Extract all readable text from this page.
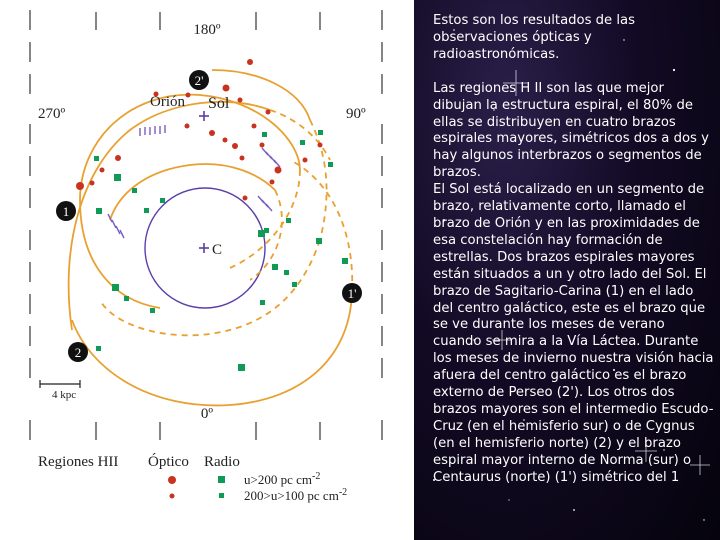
180º
270º	90º
0º
Orión Sol
C
2'
1
1'
2
4 kpc
Regiones HII Óptico Radio
u>200 pc $cm^{-2}$
200>u>100 pc $cm^{-2}$

Estos son los resultados de las observaciones ópticas y radioastronómicas.

Las regiones H II son las que mejor dibujan la estructura espiral, el 80% de ellas se distribuyen en cuatro brazos espirales mayores, simétricos dos a dos y hay algunos interbrazos o segmentos de brazos.

El Sol está localizado en un segmento de brazo, relativamente corto, llamado el brazo de Orión y en las proximidades de esa constelación hay formación de estrellas. Dos brazos espirales mayores están situados a un y otro lado del Sol. El brazo de Sagitario-Carina (1) en el lado del centro galáctico, este es el brazo que se ve durante los meses de verano cuando se mira a la Vía Láctea. Durante los meses de invierno nuestra visión hacia afuera del centro galáctico es el brazo externo de Perseo (2'). Los otros dos brazos mayores son el intermedio Escudo-Cruz (en el hemisferio sur) o de Cygnus (en el hemisferio norte) (2) y el brazo espiral mayor interno de Norma (sur) o Centaurus (norte) (1') simétrico del 1
